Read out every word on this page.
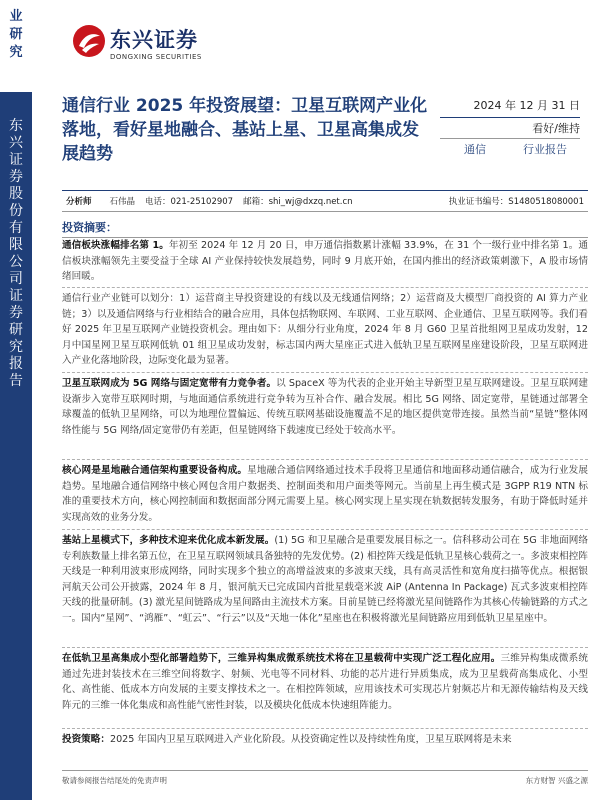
业研究
东兴证券股份有限公司证券研究报告
东兴证券
DONGXING SECURITIES
通信行业 2025 年投资展望：卫星互联网产业化落地，看好星地融合、基站上星、卫星高集成发展趋势
2024 年 12 月 31 日
看好/维持
通信	行业报告
分析师 石伟晶 电话：021-25102907 邮箱：shi_wj@dxzq.net.cn	执业证书编号：S1480518080001
投资摘要：
通信板块涨幅排名第 1。年初至 2024 年 12 月 20 日，申万通信指数累计涨幅 33.9%，在 31 个一级行业中排名第 1。通信板块涨幅领先主要受益于全球 AI 产业保持较快发展趋势，同时 9 月底开始，在国内推出的经济政策刺激下，A 股市场情绪回暖。
通信行业产业链可以划分：1）运营商主导投资建设的有线以及无线通信网络；2）运营商及大模型厂商投资的 AI 算力产业链；3）以及通信网络与行业相结合的融合应用，具体包括物联网、车联网、工业互联网、企业通信、卫星互联网等。我们看好 2025 年卫星互联网产业链投资机会。理由如下：从细分行业角度，2024 年 8 月 G60 卫星首批组网卫星成功发射，12 月中国星网卫星互联网低轨 01 组卫星成功发射，标志国内两大星座正式进入低轨卫星互联网星座建设阶段，卫星互联网进入产业化落地阶段，边际变化最为显著。
卫星互联网成为 5G 网络与固定宽带有力竞争者。以 SpaceX 等为代表的企业开始主导新型卫星互联网建设。卫星互联网建设渐步入宽带互联网时期，与地面通信系统进行竞争转为互补合作、融合发展。相比 5G 网络、固定宽带，星链通过部署全球覆盖的低轨卫星网络，可以为地理位置偏远、传统互联网基础设施覆盖不足的地区提供宽带连接。虽然当前“星链”整体网络性能与 5G 网络/固定宽带仍有差距，但星链网络下载速度已经处于较高水平。
核心网是星地融合通信架构重要设备构成。星地融合通信网络通过技术手段将卫星通信和地面移动通信融合，成为行业发展趋势。星地融合通信网络中核心网包含用户数据类、控制面类和用户面类等网元。当前星上再生模式是 3GPP R19 NTN 标准的重要技术方向，核心网控制面和数据面部分网元需要上星。核心网实现上星实现在轨数据转发服务，有助于降低时延并实现高效的业务分发。
基站上星模式下，多种技术迎来优化成本新发展。(1) 5G 和卫星融合是重要发展目标之一。信科移动公司在 5G 非地面网络专利族数量上排名第五位，在卫星互联网领域具备独特的先发优势。(2) 相控阵天线是低轨卫星核心载荷之一。多波束相控阵天线是一种利用波束形成网络，同时实现多个独立的高增益波束的多波束天线，具有高灵活性和宽角度扫描等优点。根据银河航天公司公开披露，2024 年 8 月，银河航天已完成国内首批星载毫米波 AiP (Antenna In Package) 瓦式多波束相控阵天线的批量研制。(3) 激光星间链路成为星间路由主流技术方案。目前星链已经将激光星间链路作为其核心传输链路的方式之一。国内“星网”、“鸿雁”、“虹云”、“行云”以及“天地一体化”星座也在积极将激光星间链路应用到低轨卫星星座中。
在低轨卫星高集成小型化部署趋势下，三维异构集成微系统技术将在卫星载荷中实现广泛工程化应用。三维异构集成微系统通过先进封装技术在三维空间将数字、射频、光电等不同材料、功能的芯片进行异质集成，成为卫星载荷高集成化、小型化、高性能、低成本方向发展的主要支撑技术之一。在相控阵领域，应用该技术可实现芯片射频芯片和无源传输结构及天线阵元的三维一体化集成和高性能气密性封装，以及模块化低成本快速组阵能力。
投资策略：2025 年国内卫星互联网进入产业化阶段。从投资确定性以及持续性角度，卫星互联网将是未来
敬请参阅报告结尾处的免责声明	东方财智 兴盛之源
